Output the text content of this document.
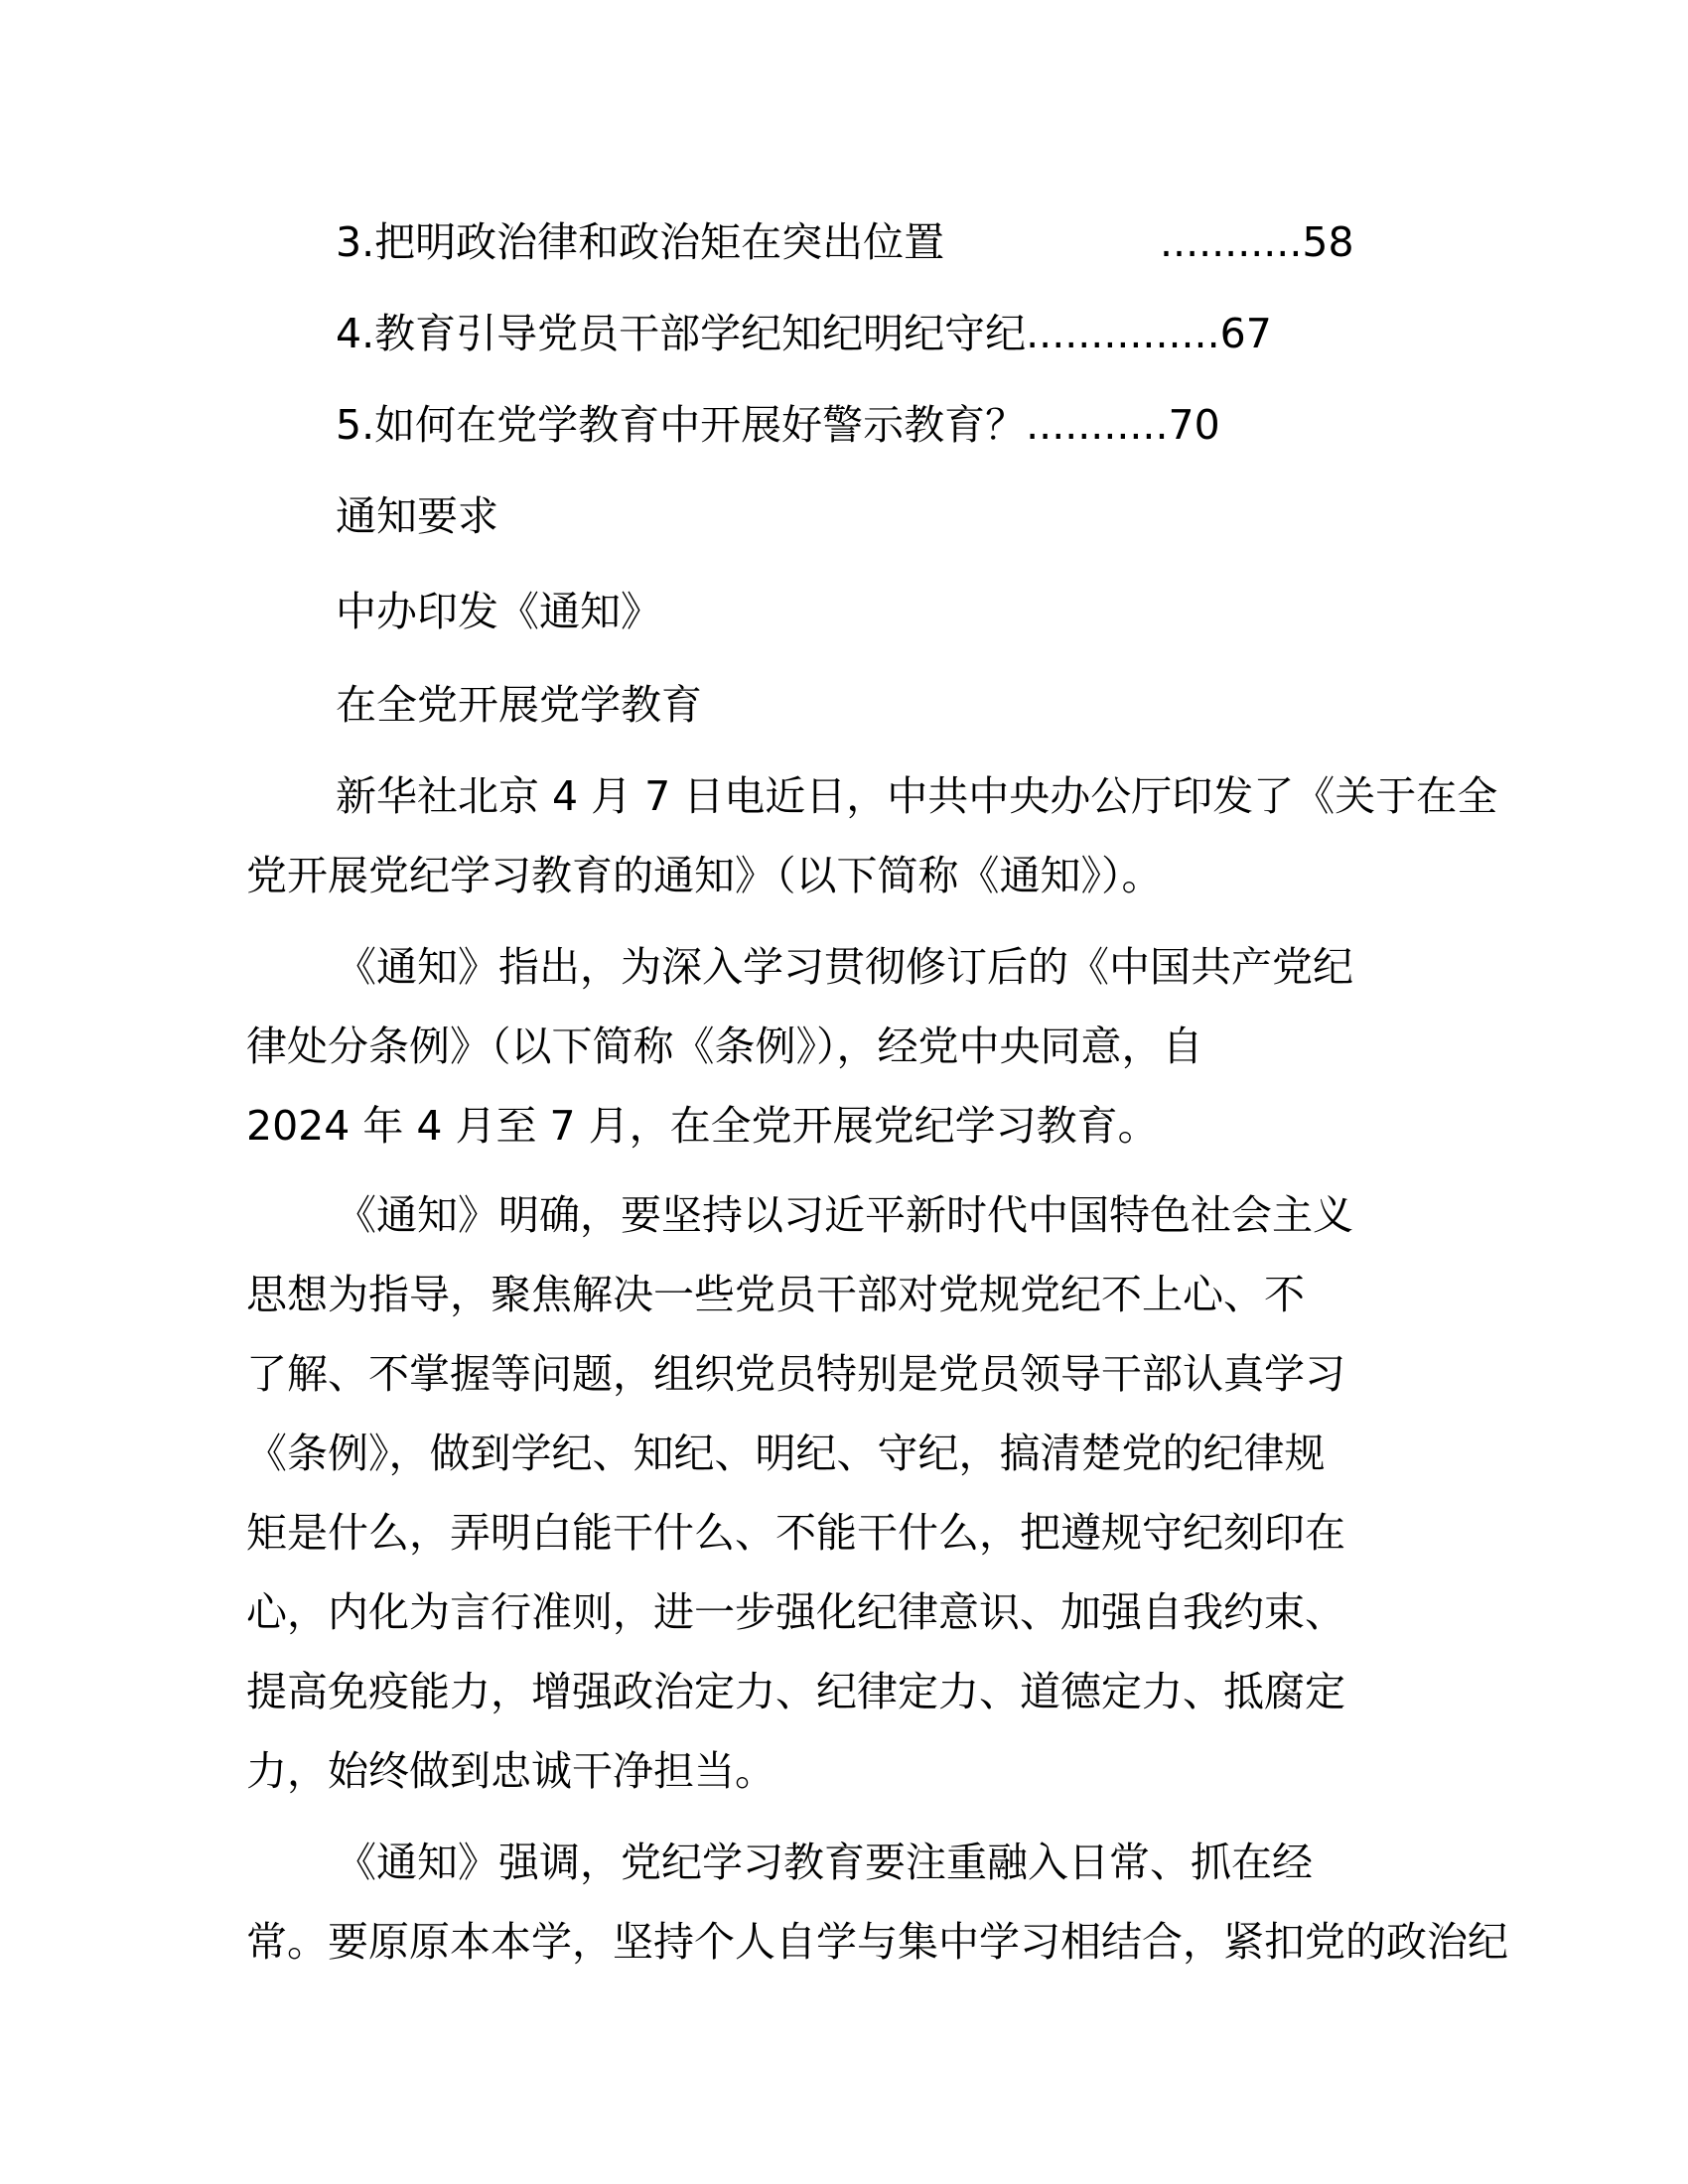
3.把明政治律和政治矩在突出位置	...........58
4.教育引导党员干部学纪知纪明纪守纪...............67
5.如何在党学教育中开展好警示教育？...........70
通知要求
中办印发《通知》
在全党开展党学教育
新华社北京 4 月 7 日电近日，中共中央办公厅印发了《关于在全
党开展党纪学习教育的通知》（以下简称《通知》）。
《通知》指出，为深入学习贯彻修订后的《中国共产党纪
律处分条例》（以下简称《条例》），经党中央同意，自
2024 年 4 月至 7 月，在全党开展党纪学习教育。
《通知》明确，要坚持以习近平新时代中国特色社会主义
思想为指导，聚焦解决一些党员干部对党规党纪不上心、不
了解、不掌握等问题，组织党员特别是党员领导干部认真学习
《条例》，做到学纪、知纪、明纪、守纪，搞清楚党的纪律规
矩是什么，弄明白能干什么、不能干什么，把遵规守纪刻印在
心，内化为言行准则，进一步强化纪律意识、加强自我约束、
提高免疫能力，增强政治定力、纪律定力、道德定力、抵腐定
力，始终做到忠诚干净担当。
《通知》强调，党纪学习教育要注重融入日常、抓在经
常。要原原本本学，坚持个人自学与集中学习相结合，紧扣党的政治纪
